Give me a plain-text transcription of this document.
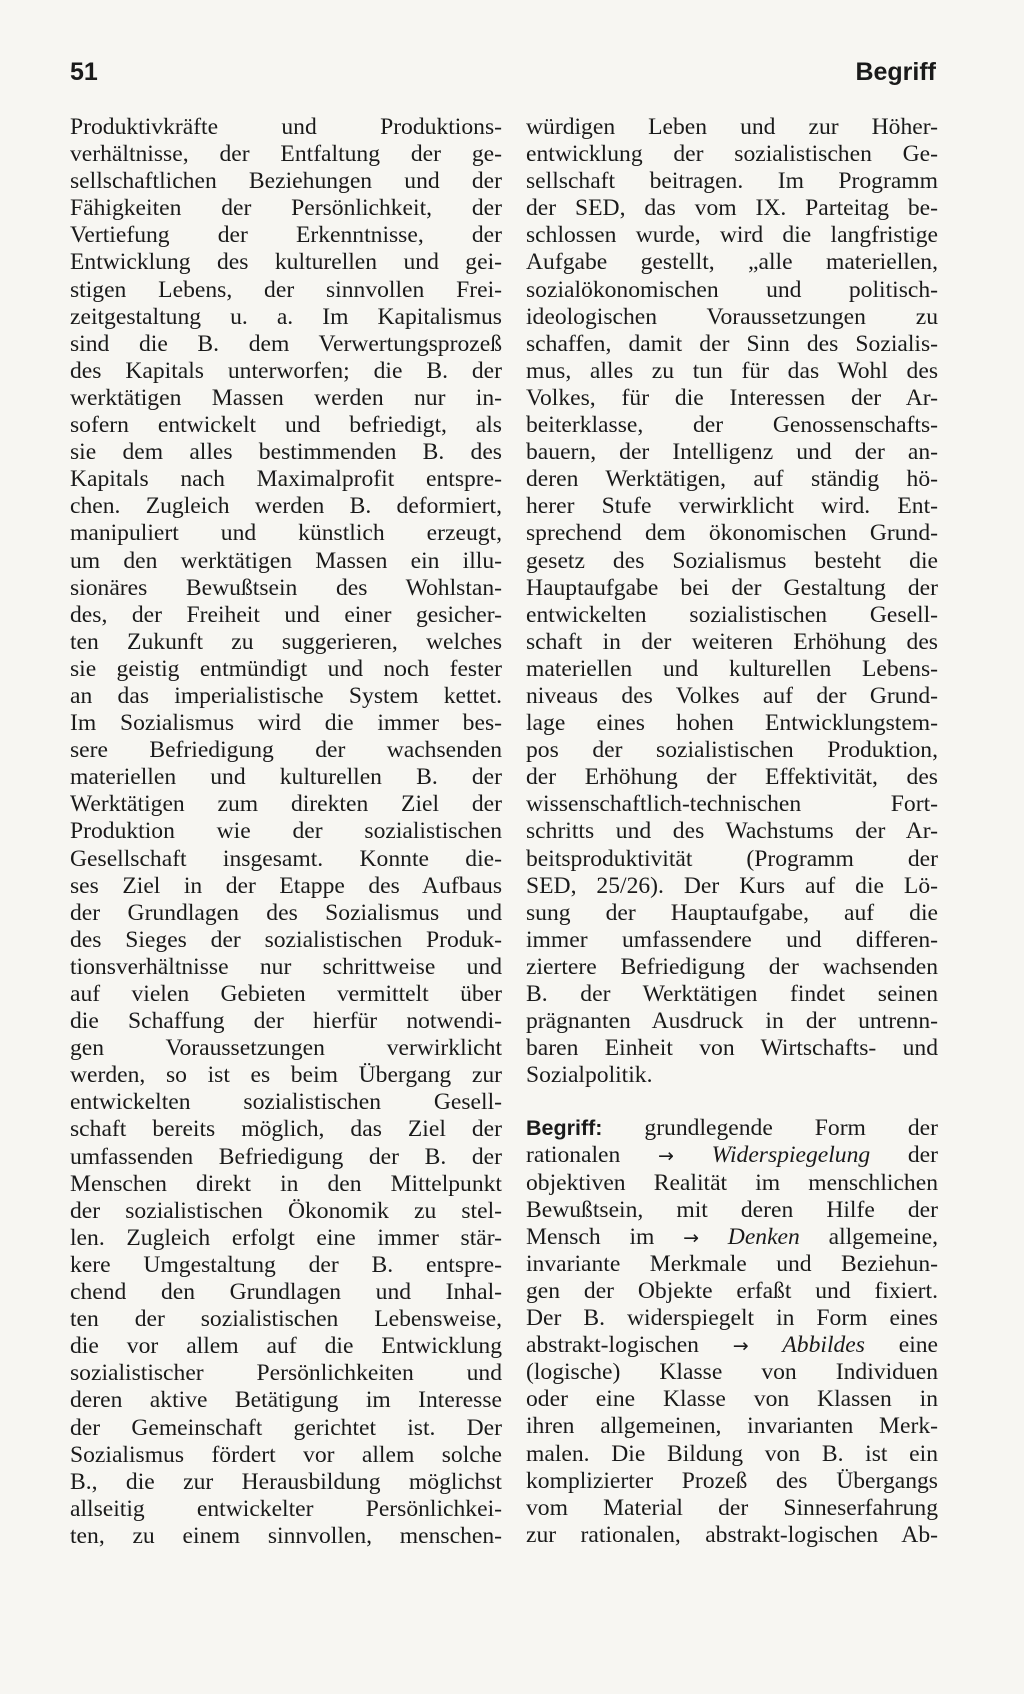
51	Begriff
Produktivkräfte und Produktions-
verhältnisse, der Entfaltung der ge-
sellschaftlichen Beziehungen und der
Fähigkeiten der Persönlichkeit, der
Vertiefung der Erkenntnisse, der
Entwicklung des kulturellen und gei-
stigen Lebens, der sinnvollen Frei-
zeitgestaltung u. a. Im Kapitalismus
sind die B. dem Verwertungsprozeß
des Kapitals unterworfen; die B. der
werktätigen Massen werden nur in-
sofern entwickelt und befriedigt, als
sie dem alles bestimmenden B. des
Kapitals nach Maximalprofit entspre-
chen. Zugleich werden B. deformiert,
manipuliert und künstlich erzeugt,
um den werktätigen Massen ein illu-
sionäres Bewußtsein des Wohlstan-
des, der Freiheit und einer gesicher-
ten Zukunft zu suggerieren, welches
sie geistig entmündigt und noch fester
an das imperialistische System kettet.
Im Sozialismus wird die immer bes-
sere Befriedigung der wachsenden
materiellen und kulturellen B. der
Werktätigen zum direkten Ziel der
Produktion wie der sozialistischen
Gesellschaft insgesamt. Konnte die-
ses Ziel in der Etappe des Aufbaus
der Grundlagen des Sozialismus und
des Sieges der sozialistischen Produk-
tionsverhältnisse nur schrittweise und
auf vielen Gebieten vermittelt über
die Schaffung der hierfür notwendi-
gen Voraussetzungen verwirklicht
werden, so ist es beim Übergang zur
entwickelten sozialistischen Gesell-
schaft bereits möglich, das Ziel der
umfassenden Befriedigung der B. der
Menschen direkt in den Mittelpunkt
der sozialistischen Ökonomik zu stel-
len. Zugleich erfolgt eine immer stär-
kere Umgestaltung der B. entspre-
chend den Grundlagen und Inhal-
ten der sozialistischen Lebensweise,
die vor allem auf die Entwicklung
sozialistischer Persönlichkeiten und
deren aktive Betätigung im Interesse
der Gemeinschaft gerichtet ist. Der
Sozialismus fördert vor allem solche
B., die zur Herausbildung möglichst
allseitig entwickelter Persönlichkei-
ten, zu einem sinnvollen, menschen-
würdigen Leben und zur Höher-
entwicklung der sozialistischen Ge-
sellschaft beitragen. Im Programm
der SED, das vom IX. Parteitag be-
schlossen wurde, wird die langfristige
Aufgabe gestellt, „alle materiellen,
sozialökonomischen und politisch-
ideologischen Voraussetzungen zu
schaffen, damit der Sinn des Sozialis-
mus, alles zu tun für das Wohl des
Volkes, für die Interessen der Ar-
beiterklasse, der Genossenschafts-
bauern, der Intelligenz und der an-
deren Werktätigen, auf ständig hö-
herer Stufe verwirklicht wird. Ent-
sprechend dem ökonomischen Grund-
gesetz des Sozialismus besteht die
Hauptaufgabe bei der Gestaltung der
entwickelten sozialistischen Gesell-
schaft in der weiteren Erhöhung des
materiellen und kulturellen Lebens-
niveaus des Volkes auf der Grund-
lage eines hohen Entwicklungstem-
pos der sozialistischen Produktion,
der Erhöhung der Effektivität, des
wissenschaftlich-technischen Fort-
schritts und des Wachstums der Ar-
beitsproduktivität (Programm der
SED, 25/26). Der Kurs auf die Lö-
sung der Hauptaufgabe, auf die
immer umfassendere und differen-
ziertere Befriedigung der wachsenden
B. der Werktätigen findet seinen
prägnanten Ausdruck in der untrenn-
baren Einheit von Wirtschafts- und
Sozialpolitik.
Begriff: grundlegende Form der
rationalen → Widerspiegelung der
objektiven Realität im menschlichen
Bewußtsein, mit deren Hilfe der
Mensch im → Denken allgemeine,
invariante Merkmale und Beziehun-
gen der Objekte erfaßt und fixiert.
Der B. widerspiegelt in Form eines
abstrakt-logischen → Abbildes eine
(logische) Klasse von Individuen
oder eine Klasse von Klassen in
ihren allgemeinen, invarianten Merk-
malen. Die Bildung von B. ist ein
komplizierter Prozeß des Übergangs
vom Material der Sinneserfahrung
zur rationalen, abstrakt-logischen Ab-
